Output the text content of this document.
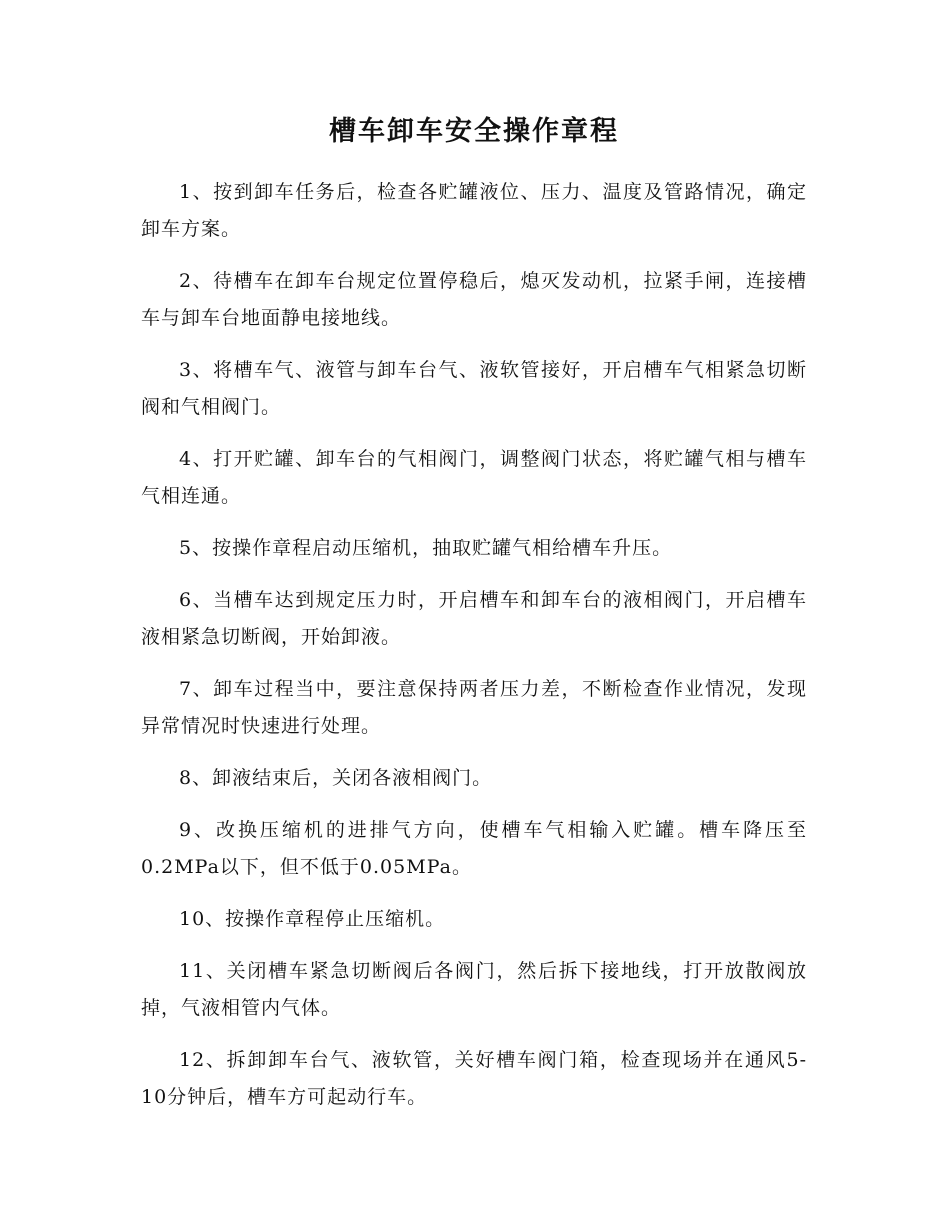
槽车卸车安全操作章程

1、按到卸车任务后，检查各贮罐液位、压力、温度及管路情况，确定卸车方案。

2、待槽车在卸车台规定位置停稳后，熄灭发动机，拉紧手闸，连接槽车与卸车台地面静电接地线。

3、将槽车气、液管与卸车台气、液软管接好，开启槽车气相紧急切断阀和气相阀门。

4、打开贮罐、卸车台的气相阀门，调整阀门状态，将贮罐气相与槽车气相连通。

5、按操作章程启动压缩机，抽取贮罐气相给槽车升压。

6、当槽车达到规定压力时，开启槽车和卸车台的液相阀门，开启槽车液相紧急切断阀，开始卸液。

7、卸车过程当中，要注意保持两者压力差，不断检查作业情况，发现异常情况时快速进行处理。

8、卸液结束后，关闭各液相阀门。

9、改换压缩机的进排气方向，使槽车气相输入贮罐。槽车降压至0.2MPa以下，但不低于0.05MPa。

10、按操作章程停止压缩机。

11、关闭槽车紧急切断阀后各阀门，然后拆下接地线，打开放散阀放掉，气液相管内气体。

12、拆卸卸车台气、液软管，关好槽车阀门箱，检查现场并在通风5-10分钟后，槽车方可起动行车。
